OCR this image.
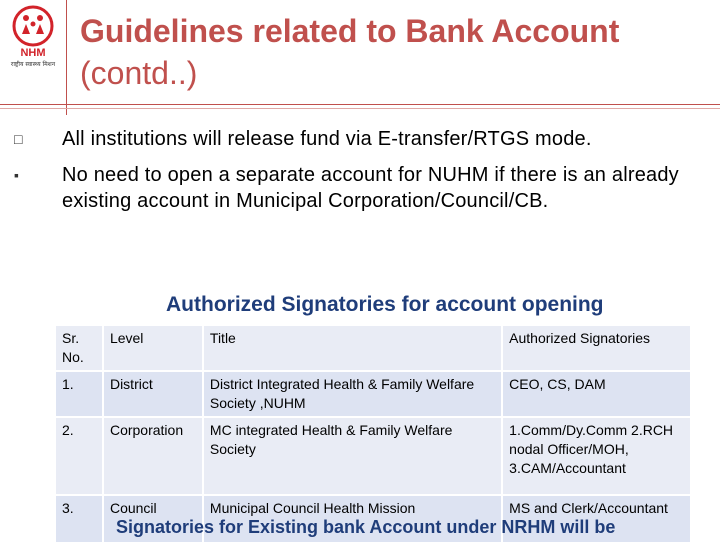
NHM
राष्ट्रीय स्वास्थ्य मिशन
Guidelines related to Bank Account
(contd..)
□ All institutions will release fund via E-transfer/RTGS mode.
▪ No need to open a separate account for NUHM if there is an already existing account in Municipal Corporation/Council/CB.
Authorized Signatories for account opening
Sr. No.	Level	Title	Authorized Signatories
1.	District	District Integrated Health & Family Welfare Society ,NUHM	CEO, CS, DAM
2.	Corporation	MC integrated Health & Family Welfare Society	1.Comm/Dy.Comm 2.RCH nodal Officer/MOH, 3.CAM/Accountant
3.	Council	Municipal Council Health Mission	MS and Clerk/Accountant
Signatories for Existing bank Account under NRHM will be
